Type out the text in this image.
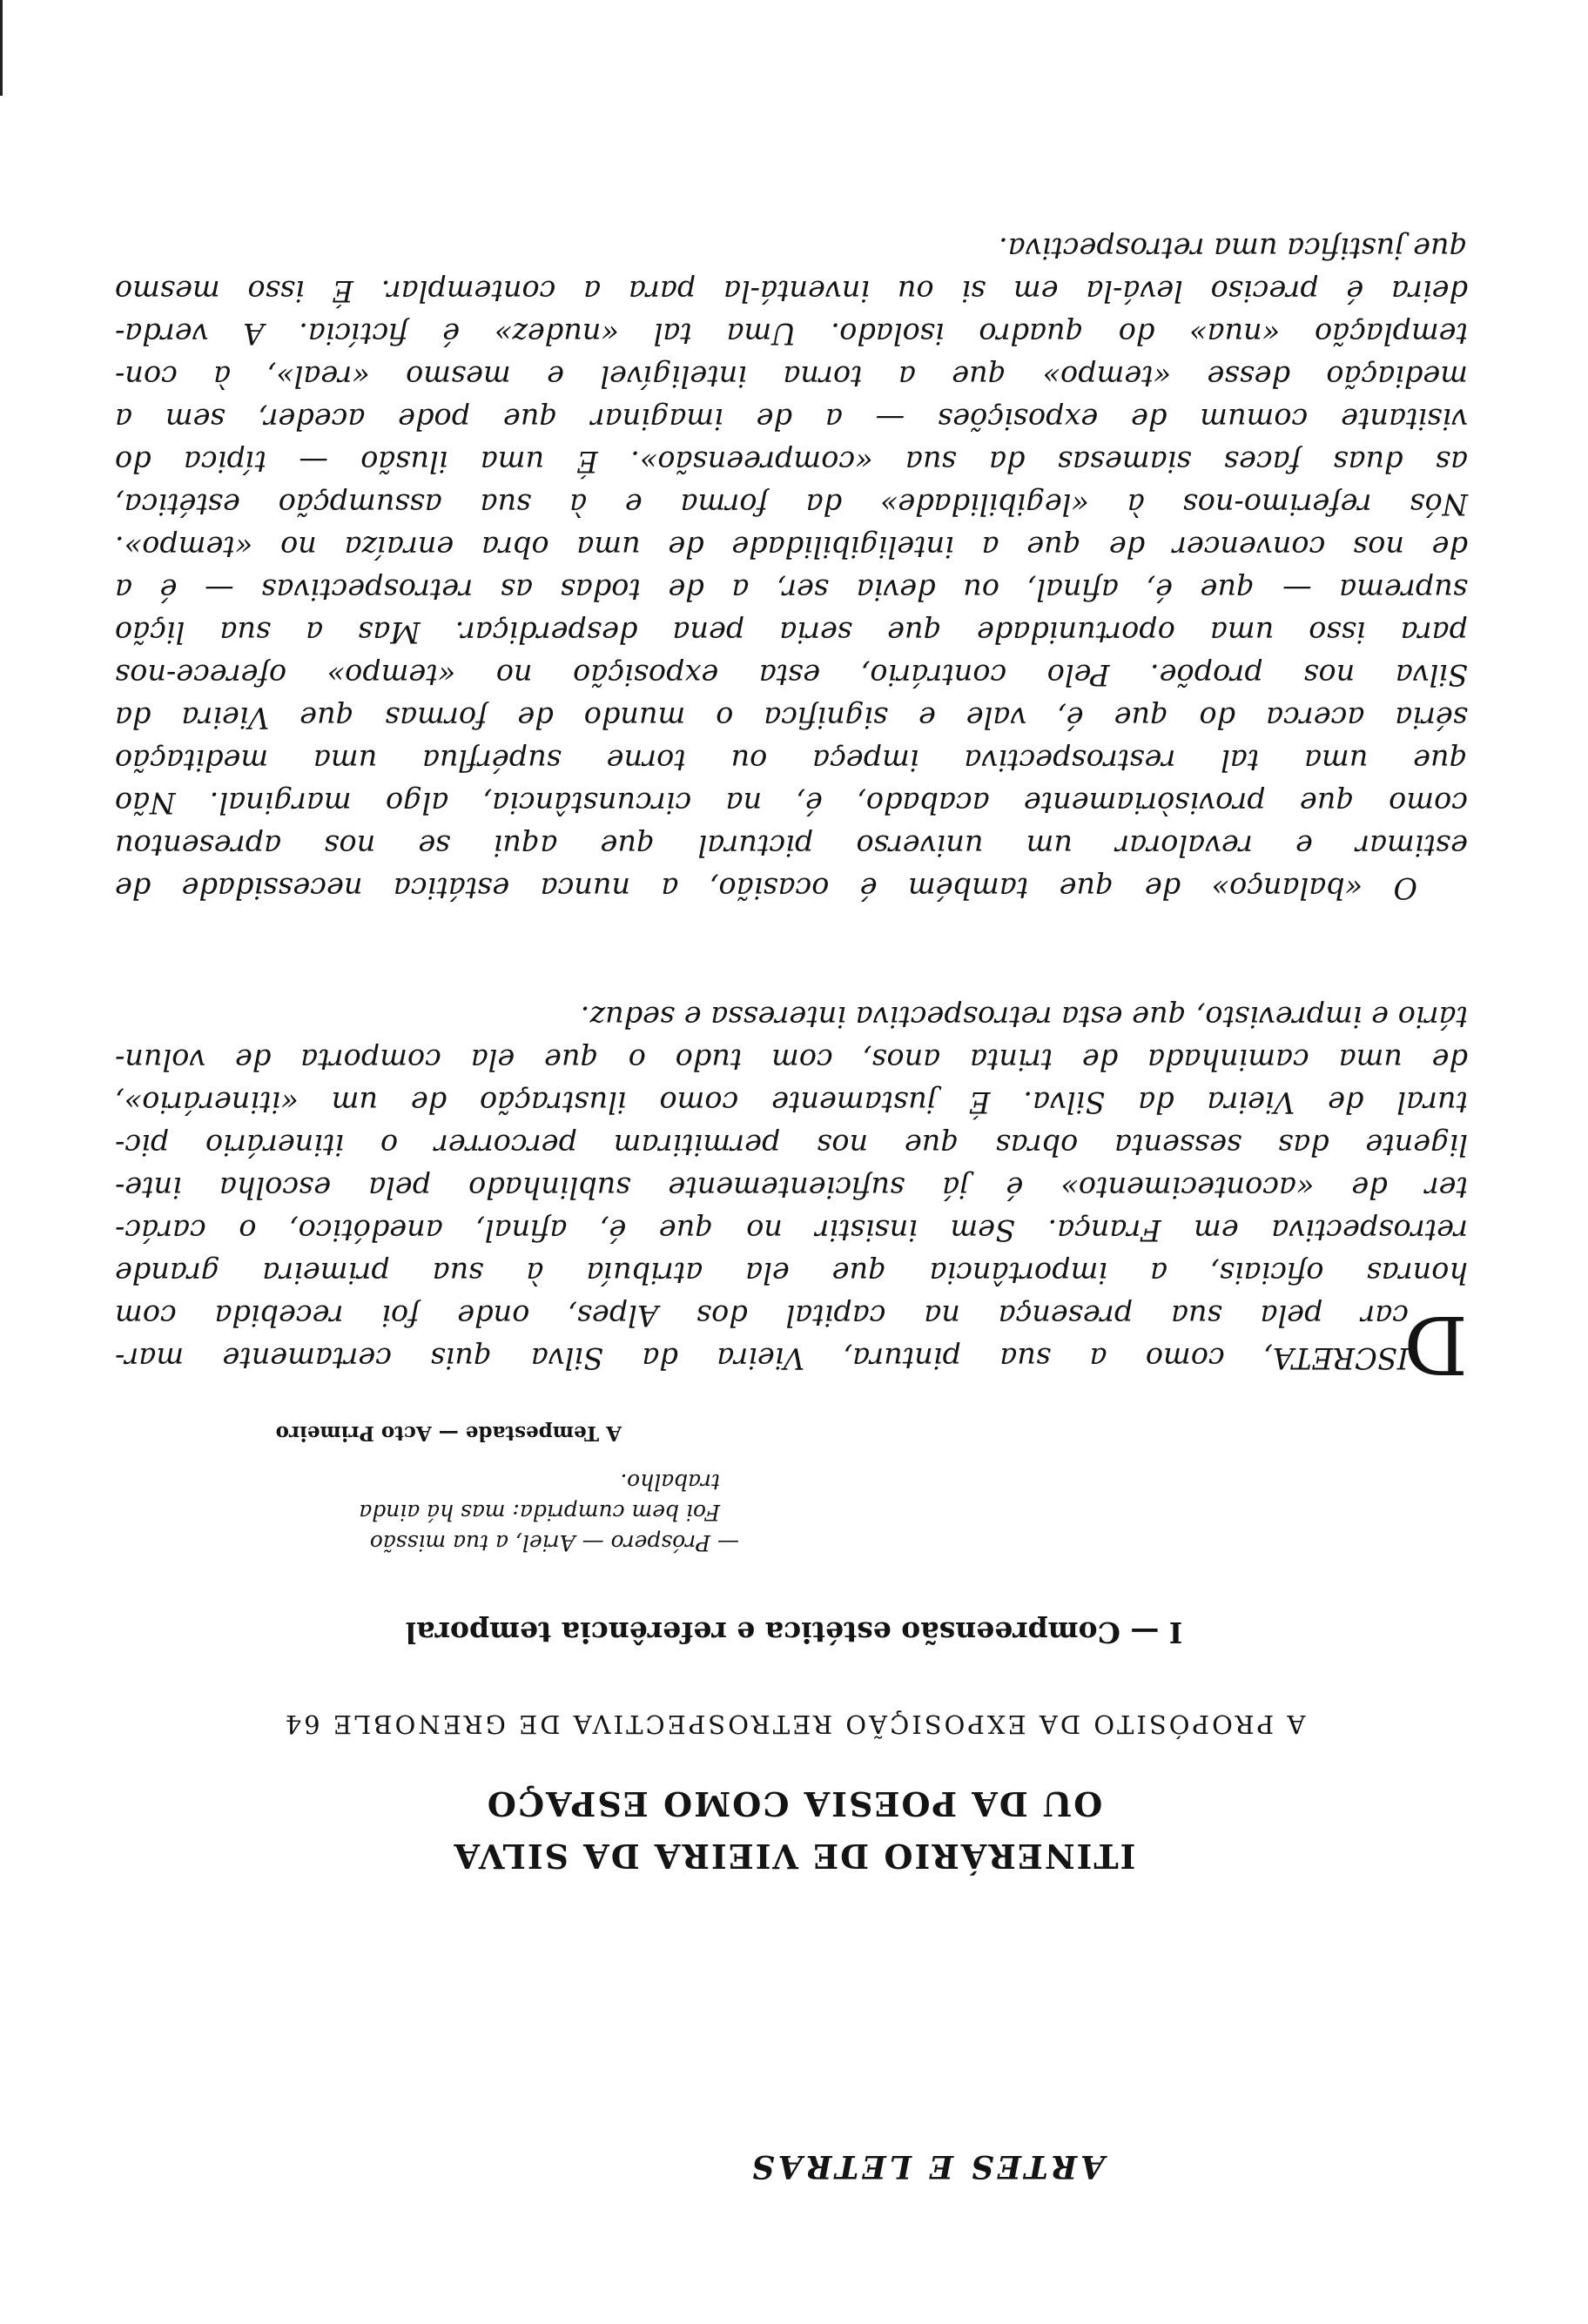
ARTES E LETRAS
ITINERÁRIO DE VIEIRA DA SILVA
OU DA POESIA COMO ESPAÇO
A PROPÓSITO DA EXPOSIÇÃO RETROSPECTIVA DE GRENOBLE 64
I — Compreensão estética e referência temporal
— Próspero — Ariel, a tua missão
Foi bem cumprida: mas há ainda
trabalho.
A Tempestade — Acto Primeiro
D
ISCRETA, como a sua pintura, Vieira da Silva quis certamente mar-
car pela sua presença na capital dos Alpes, onde foi recebida com
honras oficiais, a importância que ela atribuía à sua primeira grande
retrospectiva em França. Sem insistir no que é, afinal, anedótico, o carác-
ter de «acontecimento» é já suficientemente sublinhado pela escolha inte-
ligente das sessenta obras que nos permitiram percorrer o itinerário pic-
tural de Vieira da Silva. É justamente como ilustração de um «itinerário»,
de uma caminhada de trinta anos, com tudo o que ela comporta de volun-
tário e imprevisto, que esta retrospectiva interessa e seduz.
O «balanço» de que também é ocasião, a nunca estática necessidade de
estimar e revalorar um universo pictural que aqui se nos apresentou
como que provisòriamente acabado, é, na circunstância, algo marginal. Não
que uma tal restrospectiva impeça ou torne supérflua uma meditação
séria acerca do que é, vale e significa o mundo de formas que Vieira da
Silva nos propõe. Pelo contrário, esta exposição no «tempo» oferece-nos
para isso uma oportunidade que seria pena desperdiçar. Mas a sua lição
suprema — que é, afinal, ou devia ser, a de todas as retrospectivas — é a
de nos convencer de que a inteligibilidade de uma obra enraíza no «tempo».
Nós referimo-nos à «legibilidade» da forma e à sua assumpção estética,
as duas faces siamesas da sua «compreensão». É uma ilusão — típica do
visitante comum de exposições — a de imaginar que pode aceder, sem a
mediação desse «tempo» que a torna inteligível e mesmo «real», à con-
templação «nua» do quadro isolado. Uma tal «nudez» é fictícia. A verda-
deira é preciso levá-la em si ou inventá-la para a contemplar. É isso mesmo
que justifica uma retrospectiva.
